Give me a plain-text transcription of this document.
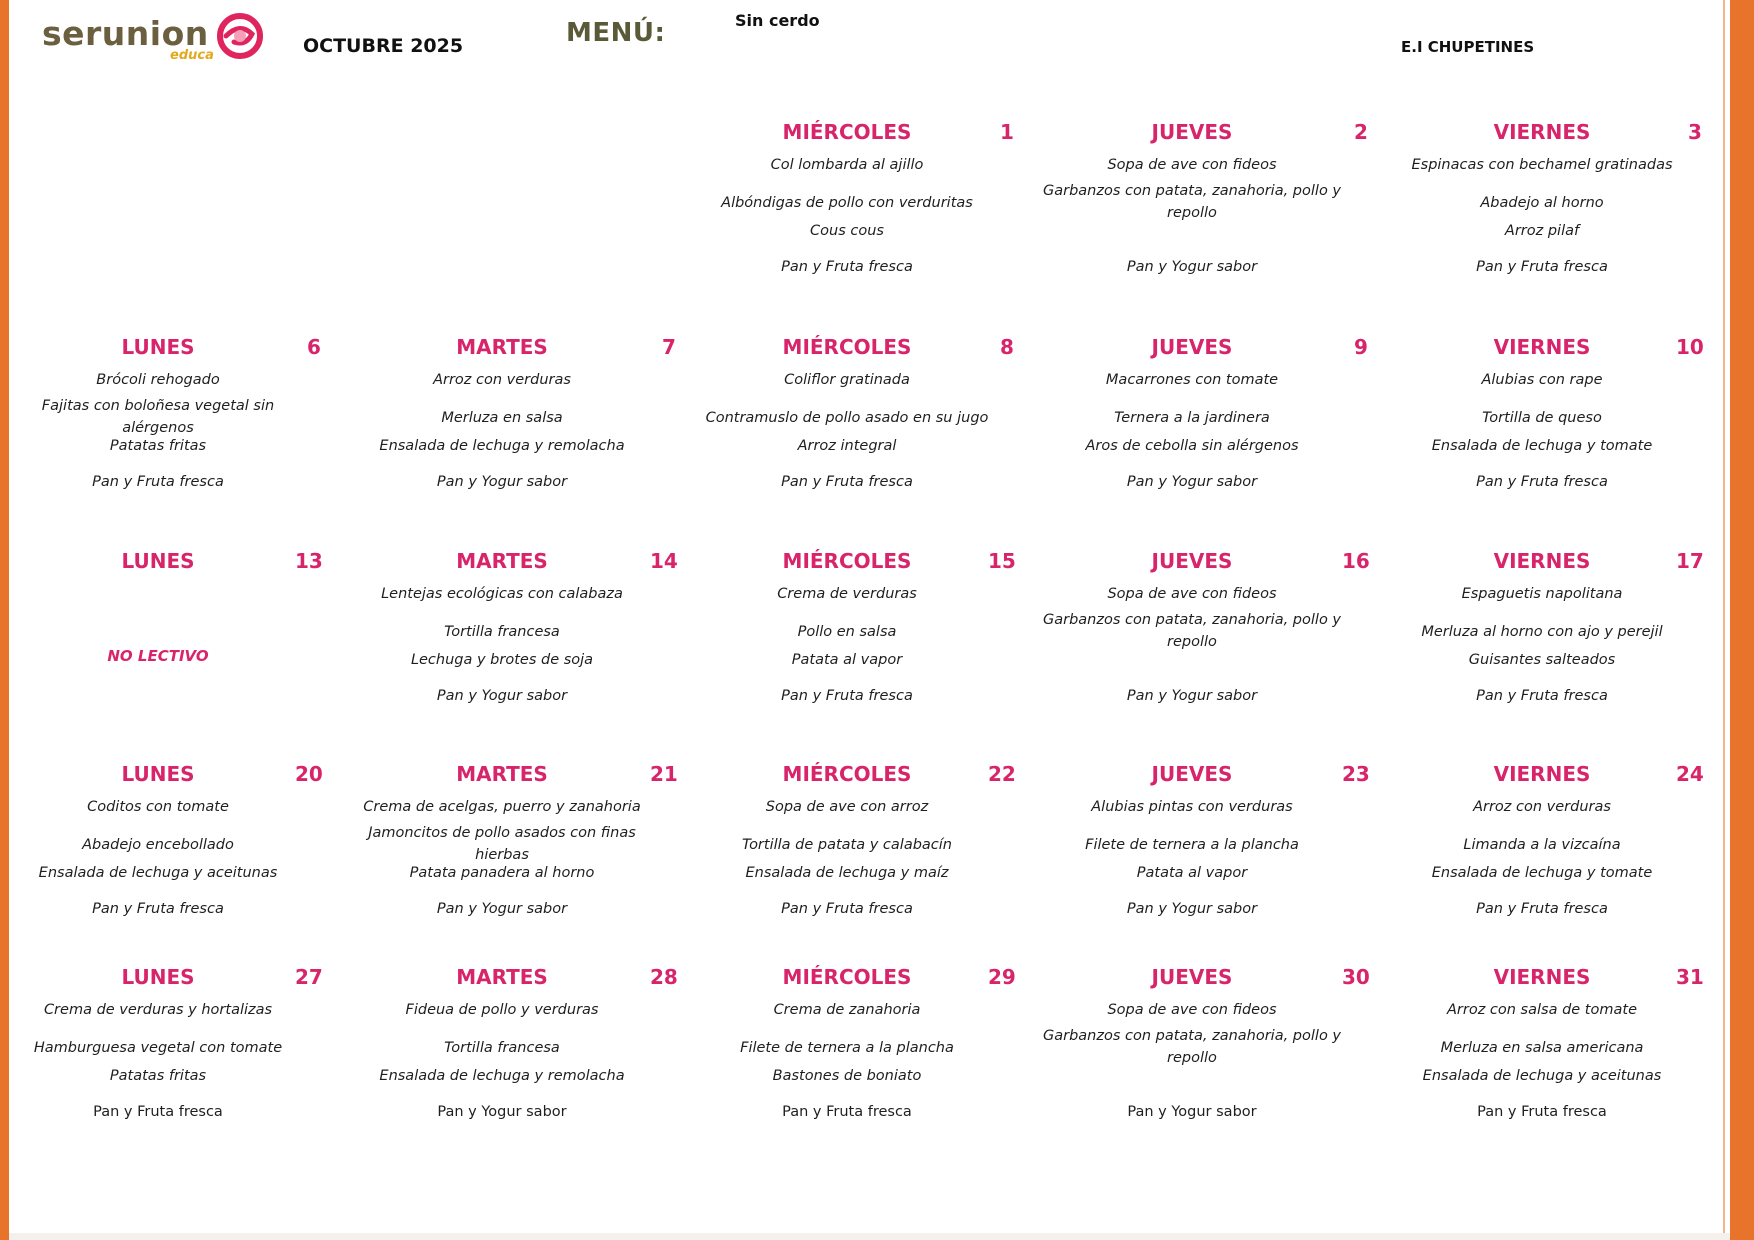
serunion
educa	OCTUBRE 2025	MENÚ:	Sin cerdo
E.I CHUPETINES
MIÉRCOLES	1
Col lombarda al ajillo
Albóndigas de pollo con verduritas
Cous cous
Pan y Fruta fresca
JUEVES	2
Sopa de ave con fideos
Garbanzos con patata, zanahoria, pollo y repollo
Pan y Yogur sabor
VIERNES	3
Espinacas con bechamel gratinadas
Abadejo al horno
Arroz pilaf
Pan y Fruta fresca
LUNES	6
Brócoli rehogado
Fajitas con boloñesa vegetal sin alérgenos
Patatas fritas
Pan y Fruta fresca
MARTES	7
Arroz con verduras
Merluza en salsa
Ensalada de lechuga y remolacha
Pan y Yogur sabor
MIÉRCOLES	8
Coliflor gratinada
Contramuslo de pollo asado en su jugo
Arroz integral
Pan y Fruta fresca
JUEVES	9
Macarrones con tomate
Ternera a la jardinera
Aros de cebolla sin alérgenos
Pan y Yogur sabor
VIERNES	10
Alubias con rape
Tortilla de queso
Ensalada de lechuga y tomate
Pan y Fruta fresca
LUNES	13
NO LECTIVO
MARTES	14
Lentejas ecológicas con calabaza
Tortilla francesa
Lechuga y brotes de soja
Pan y Yogur sabor
MIÉRCOLES	15
Crema de verduras
Pollo en salsa
Patata al vapor
Pan y Fruta fresca
JUEVES	16
Sopa de ave con fideos
Garbanzos con patata, zanahoria, pollo y repollo
Pan y Yogur sabor
VIERNES	17
Espaguetis napolitana
Merluza al horno con ajo y perejil
Guisantes salteados
Pan y Fruta fresca
LUNES	20
Coditos con tomate
Abadejo encebollado
Ensalada de lechuga y aceitunas
Pan y Fruta fresca
MARTES	21
Crema de acelgas, puerro y zanahoria
Jamoncitos de pollo asados con finas hierbas
Patata panadera al horno
Pan y Yogur sabor
MIÉRCOLES	22
Sopa de ave con arroz
Tortilla de patata y calabacín
Ensalada de lechuga y maíz
Pan y Fruta fresca
JUEVES	23
Alubias pintas con verduras
Filete de ternera a la plancha
Patata al vapor
Pan y Yogur sabor
VIERNES	24
Arroz con verduras
Limanda a la vizcaína
Ensalada de lechuga y tomate
Pan y Fruta fresca
LUNES	27
Crema de verduras y hortalizas
Hamburguesa vegetal con tomate
Patatas fritas
Pan y Fruta fresca
MARTES	28
Fideua de pollo y verduras
Tortilla francesa
Ensalada de lechuga y remolacha
Pan y Yogur sabor
MIÉRCOLES	29
Crema de zanahoria
Filete de ternera a la plancha
Bastones de boniato
Pan y Fruta fresca
JUEVES	30
Sopa de ave con fideos
Garbanzos con patata, zanahoria, pollo y repollo
Pan y Yogur sabor
VIERNES	31
Arroz con salsa de tomate
Merluza en salsa americana
Ensalada de lechuga y aceitunas
Pan y Fruta fresca
